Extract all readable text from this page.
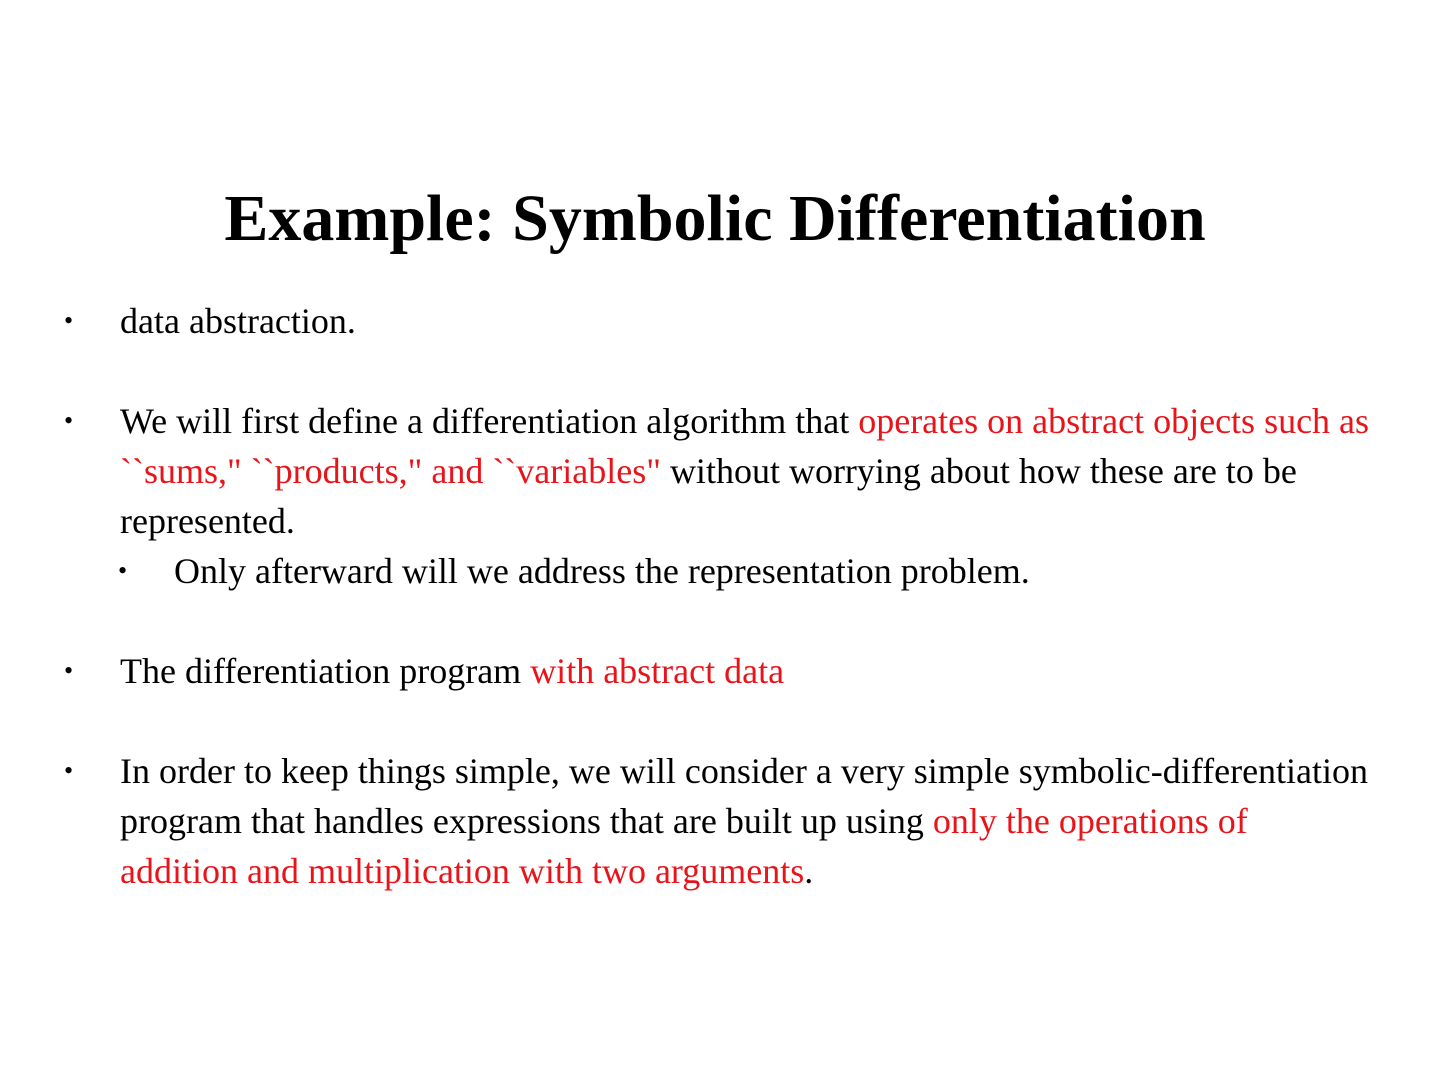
Example: Symbolic Differentiation
• data abstraction.
• We will first define a differentiation algorithm that operates on abstract objects such as ``sums," ``products," and ``variables" without worrying about how these are to be represented.
• Only afterward will we address the representation problem.
• The differentiation program with abstract data
• In order to keep things simple, we will consider a very simple symbolic-differentiation program that handles expressions that are built up using only the operations of addition and multiplication with two arguments.
